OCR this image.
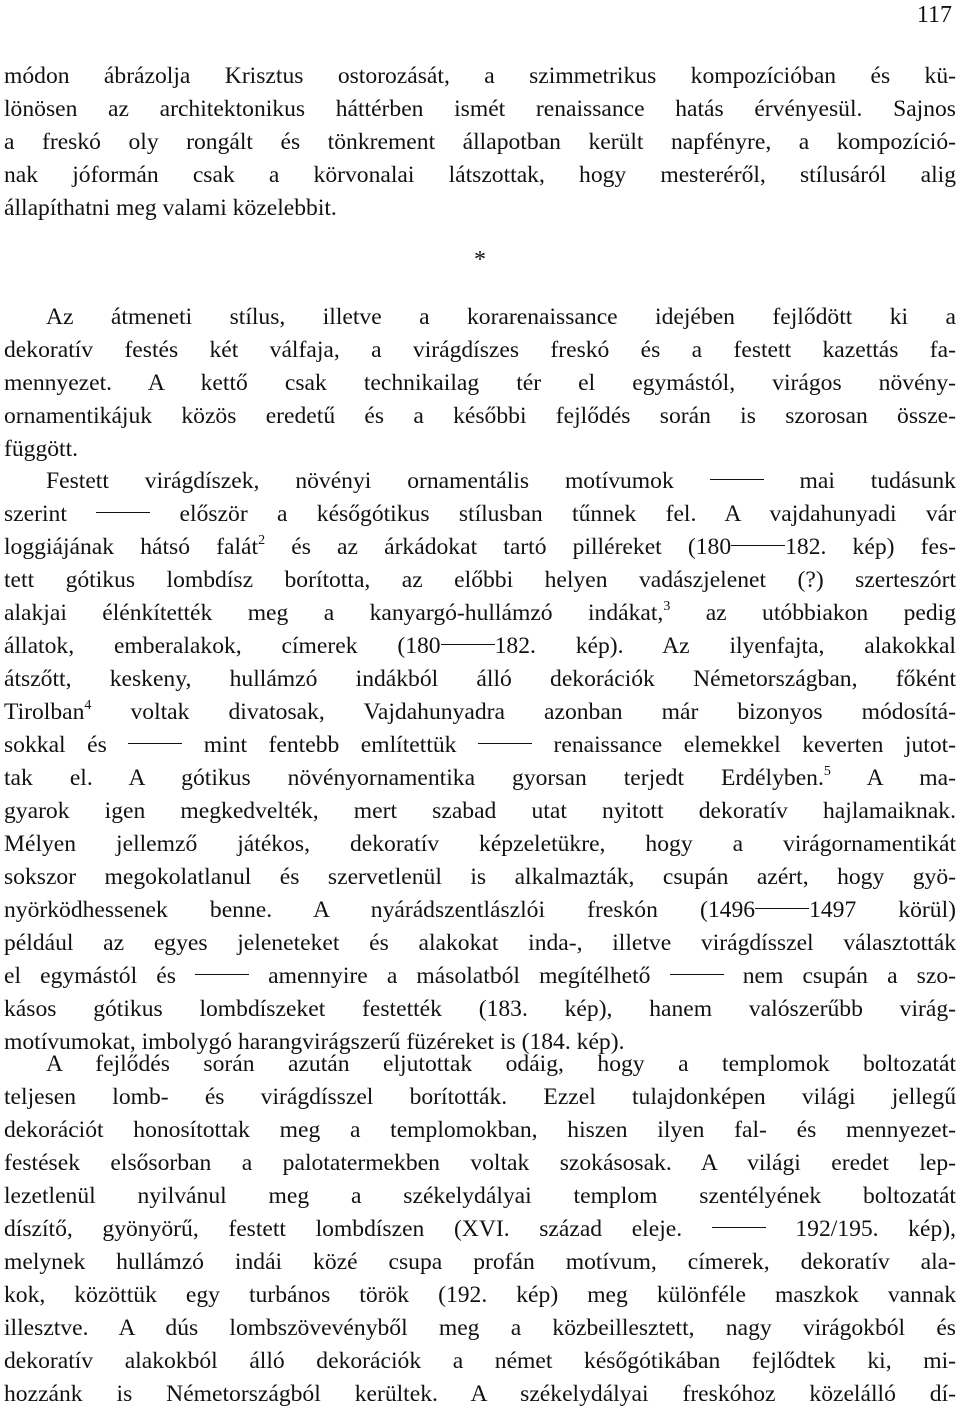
117
módon ábrázolja Krisztus ostorozását, a szimmetrikus kompozícióban és kü-
lönösen az architektonikus háttérben ismét renaissance hatás érvényesül. Sajnos
a freskó oly rongált és tönkrement állapotban került napfényre, a kompozíció-
nak jóformán csak a körvonalai látszottak, hogy mesteréről, stílusáról alig
állapíthatni meg valami közelebbit.
*
Az átmeneti stílus, illetve a korarenaissance idejében fejlődött ki a
dekoratív festés két válfaja, a virágdíszes freskó és a festett kazettás fa-
mennyezet. A kettő csak technikailag tér el egymástól, virágos növény-
ornamentikájuk közös eredetű és a későbbi fejlődés során is szorosan össze-
függött.
Festett virágdíszek, növényi ornamentális motívumok	mai tudásunk
szerint	először a későgótikus stílusban tűnnek fel. A vajdahunyadi vár
loggiájának hátsó falát$^2$ és az árkádokat tartó pilléreket (180 182. kép) fes-
tett gótikus lombdísz borította, az előbbi helyen vadászjelenet (?) szerteszórt
alakjai élénkítették meg a kanyargó-hullámzó indákat,$^3$ az utóbbiakon pedig
állatok, emberalakok, címerek (180 182. kép). Az ilyenfajta, alakokkal
átszőtt, keskeny, hullámzó indákból álló dekorációk Németországban, főként
Tirolban$^4$ voltak divatosak, Vajdahunyadra azonban már bizonyos módosítá-
sokkal és	mint fentebb említettük	renaissance elemekkel keverten jutot-
tak el. A gótikus növényornamentika gyorsan terjedt Erdélyben.$^5$ A ma-
gyarok igen megkedvelték, mert szabad utat nyitott dekoratív hajlamaiknak.
Mélyen jellemző játékos, dekoratív képzeletükre, hogy a virágornamentikát
sokszor megokolatlanul és szervetlenül is alkalmazták, csupán azért, hogy gyö-
nyörködhessenek benne. A nyárádszentlászlói freskón (1496 1497 körül)
például az egyes jeleneteket és alakokat inda-, illetve virágdísszel választották
el egymástól és	amennyire a másolatból megítélhető	nem csupán a szo-
kásos gótikus lombdíszeket festették (183. kép), hanem valószerűbb virág-
motívumokat, imbolygó harangvirágszerű füzéreket is (184. kép).
A fejlődés során azután eljutottak odáig, hogy a templomok boltozatát
teljesen lomb- és virágdísszel borították. Ezzel tulajdonképen világi jellegű
dekorációt honosítottak meg a templomokban, hiszen ilyen fal- és mennyezet-
festések elsősorban a palotatermekben voltak szokásosak. A világi eredet lep-
lezetlenül nyilvánul meg a székelydályai templom szentélyének boltozatát
díszítő, gyönyörű, festett lombdíszen (XVI. század eleje.	192/195. kép),
melynek hullámzó indái közé csupa profán motívum, címerek, dekoratív ala-
kok, közöttük egy turbános török (192. kép) meg különféle maszkok vannak
illesztve. A dús lombszövevényből meg a közbeillesztett, nagy virágokból és
dekoratív alakokból álló dekorációk a német későgótikában fejlődtek ki, mi-
hozzánk is Németországból kerültek. A székelydályai freskóhoz közelálló dí-
